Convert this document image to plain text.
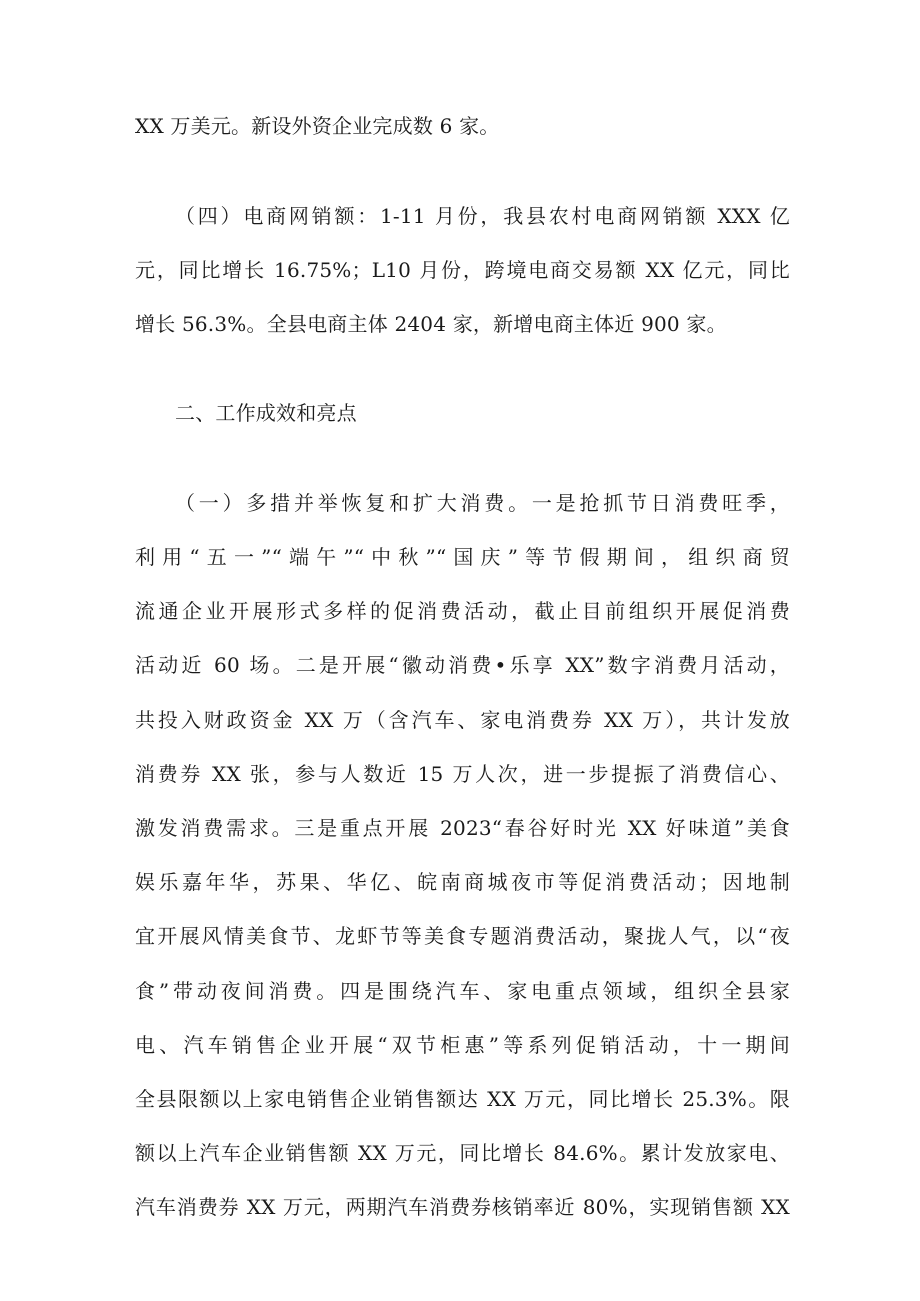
XX 万美元。新设外资企业完成数 6 家。
（四）电商网销额：1-11 月份，我县农村电商网销额 XXX 亿
元，同比增长 16.75%；L10 月份，跨境电商交易额 XX 亿元，同比
增长 56.3%。全县电商主体 2404 家，新增电商主体近 900 家。
二、工作成效和亮点
（一）多措并举恢复和扩大消费。一是抢抓节日消费旺季，
利用“五一”“端午”“中秋”“国庆”等节假期间，组织商贸
流通企业开展形式多样的促消费活动，截止目前组织开展促消费
活动近 60 场。二是开展“徽动消费•乐享 XX”数字消费月活动，
共投入财政资金 XX 万（含汽车、家电消费券 XX 万），共计发放
消费券 XX 张，参与人数近 15 万人次，进一步提振了消费信心、
激发消费需求。三是重点开展 2023“春谷好时光 XX 好味道”美食
娱乐嘉年华，苏果、华亿、皖南商城夜市等促消费活动；因地制
宜开展风情美食节、龙虾节等美食专题消费活动，聚拢人气，以“夜
食”带动夜间消费。四是围绕汽车、家电重点领域，组织全县家
电、汽车销售企业开展“双节柜惠”等系列促销活动，十一期间
全县限额以上家电销售企业销售额达 XX 万元，同比增长 25.3%。限
额以上汽车企业销售额 XX 万元，同比增长 84.6%。累计发放家电、
汽车消费券 XX 万元，两期汽车消费券核销率近 80%，实现销售额 XX
